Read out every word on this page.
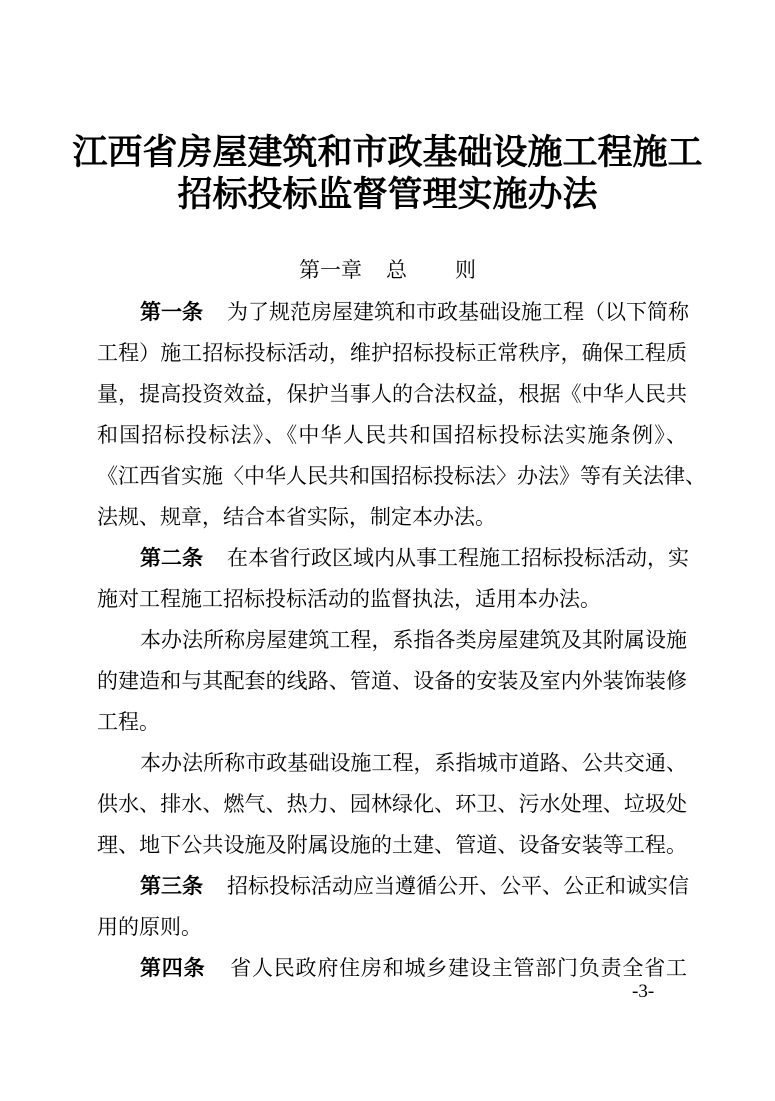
江西省房屋建筑和市政基础设施工程施工
招标投标监督管理实施办法
第一章 总 则
第一条 为了规范房屋建筑和市政基础设施工程（以下简称
工程）施工招标投标活动，维护招标投标正常秩序，确保工程质
量，提高投资效益，保护当事人的合法权益，根据《中华人民共
和国招标投标法》、《中华人民共和国招标投标法实施条例》、
《江西省实施〈中华人民共和国招标投标法〉办法》等有关法律、
法规、规章，结合本省实际，制定本办法。
第二条 在本省行政区域内从事工程施工招标投标活动，实
施对工程施工招标投标活动的监督执法，适用本办法。
本办法所称房屋建筑工程，系指各类房屋建筑及其附属设施
的建造和与其配套的线路、管道、设备的安装及室内外装饰装修
工程。
本办法所称市政基础设施工程，系指城市道路、公共交通、
供水、排水、燃气、热力、园林绿化、环卫、污水处理、垃圾处
理、地下公共设施及附属设施的土建、管道、设备安装等工程。
第三条 招标投标活动应当遵循公开、公平、公正和诚实信
用的原则。
第四条 省人民政府住房和城乡建设主管部门负责全省工
-3-
